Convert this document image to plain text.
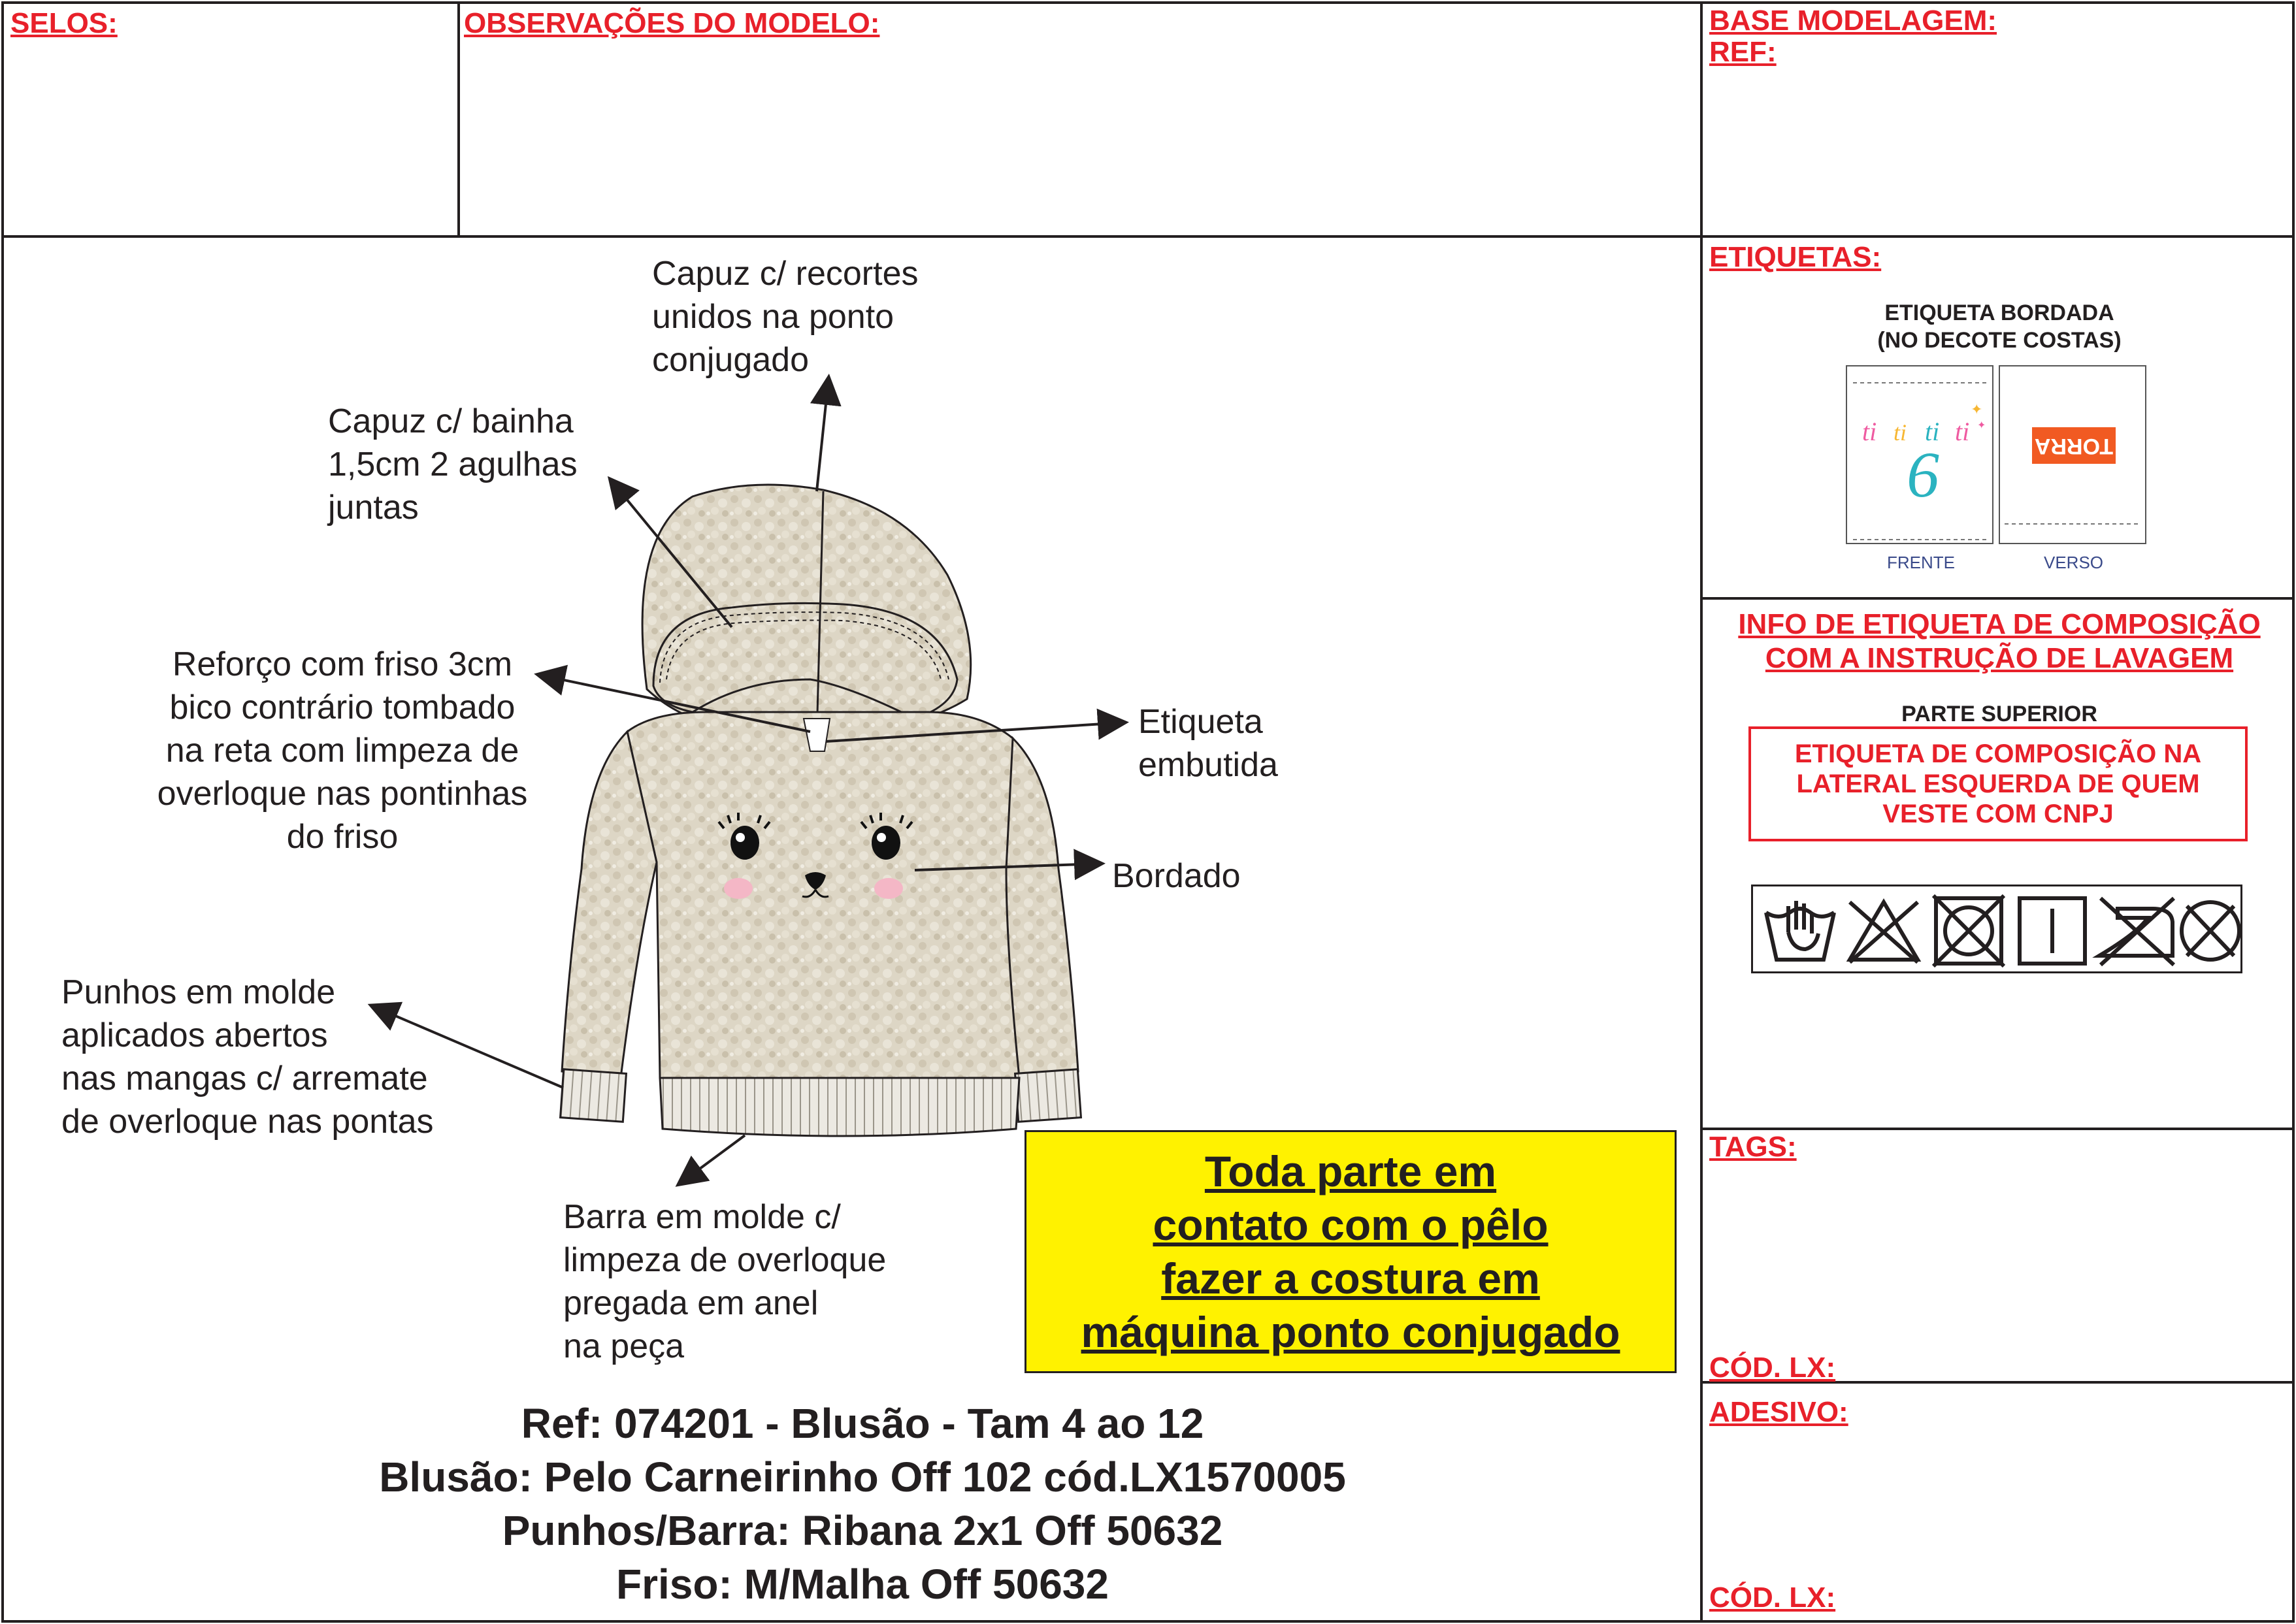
SELOS:	OBSERVAÇÕES DO MODELO:	BASE MODELAGEM:
REF:
ETIQUETAS:
ETIQUETA BORDADA
(NO DECOTE COSTAS)
ti ti ti ti
6
✦
✦
TORRA
FRENTE	VERSO
INFO DE ETIQUETA DE COMPOSIÇÃO
COM A INSTRUÇÃO DE LAVAGEM
PARTE SUPERIOR
ETIQUETA DE COMPOSIÇÃO NA
LATERAL ESQUERDA DE QUEM
VESTE COM CNPJ
TAGS:
CÓD. LX:
ADESIVO:
CÓD. LX:
Capuz c/ recortes
unidos na ponto
conjugado
Capuz c/ bainha
1,5cm 2 agulhas
juntas
Reforço com friso 3cm
bico contrário tombado
na reta com limpeza de
overloque nas pontinhas
do friso
Etiqueta
embutida
Bordado
Punhos em molde
aplicados abertos
nas mangas c/ arremate
de overloque nas pontas
Barra em molde c/
limpeza de overloque
pregada em anel
na peça
Toda parte em
contato com o pêlo
fazer a costura em
máquina ponto conjugado
Ref: 074201 - Blusão - Tam 4 ao 12
Blusão: Pelo Carneirinho Off 102 cód.LX1570005
Punhos/Barra: Ribana 2x1 Off 50632
Friso: M/Malha Off 50632
